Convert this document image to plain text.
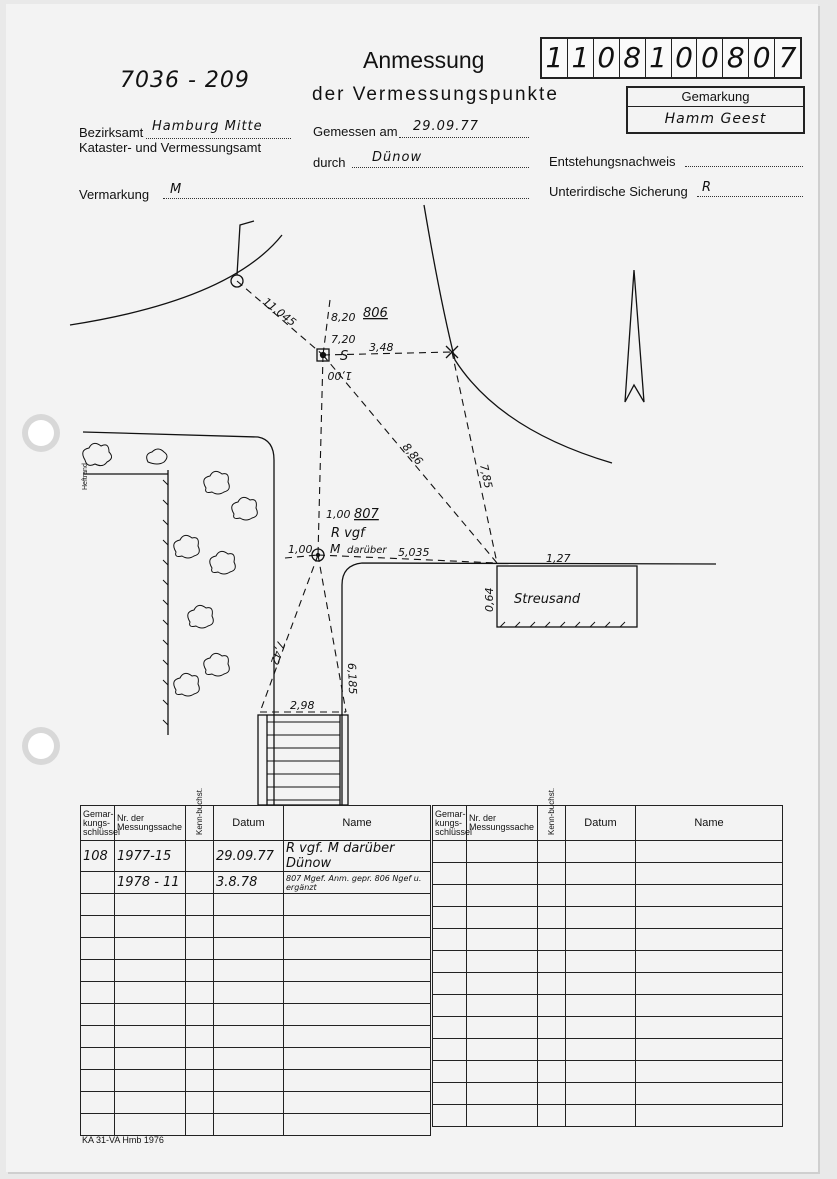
7036 - 209
Anmessung
der Vermessungspunkte
1 1 0 8 1 0 0 8 0 7
Gemarkung
Hamm Geest
Bezirksamt Hamburg Mitte
Kataster- und Vermessungsamt
Gemessen am 29.09.77
durch Dünow	Entstehungsnachweis
Vermarkung M	Unterirdische Sicherung R
Heftrand
11,045	8,20
7,20
3,48
1,00
8,86
7,85
1,00
1,00	5,035	1,27
0,64
7,42
6,185
2,98
806
807
S
R vgf
M darüber
Streusand
Gemar-kungs-schlüssel	Nr. der Messungssache	Kenn-buchst.	Datum	Name
108	1977-15		29.09.77	R vgf. M darüber Dünow
	1978 - 11		3.8.78	807 Mgef. Anm. gepr. 806 Ngef u. ergänzt

Gemar-kungs-schlüssel	Nr. der Messungssache	Kenn-buchst.	Datum	Name

KA 31-VA Hmb 1976
